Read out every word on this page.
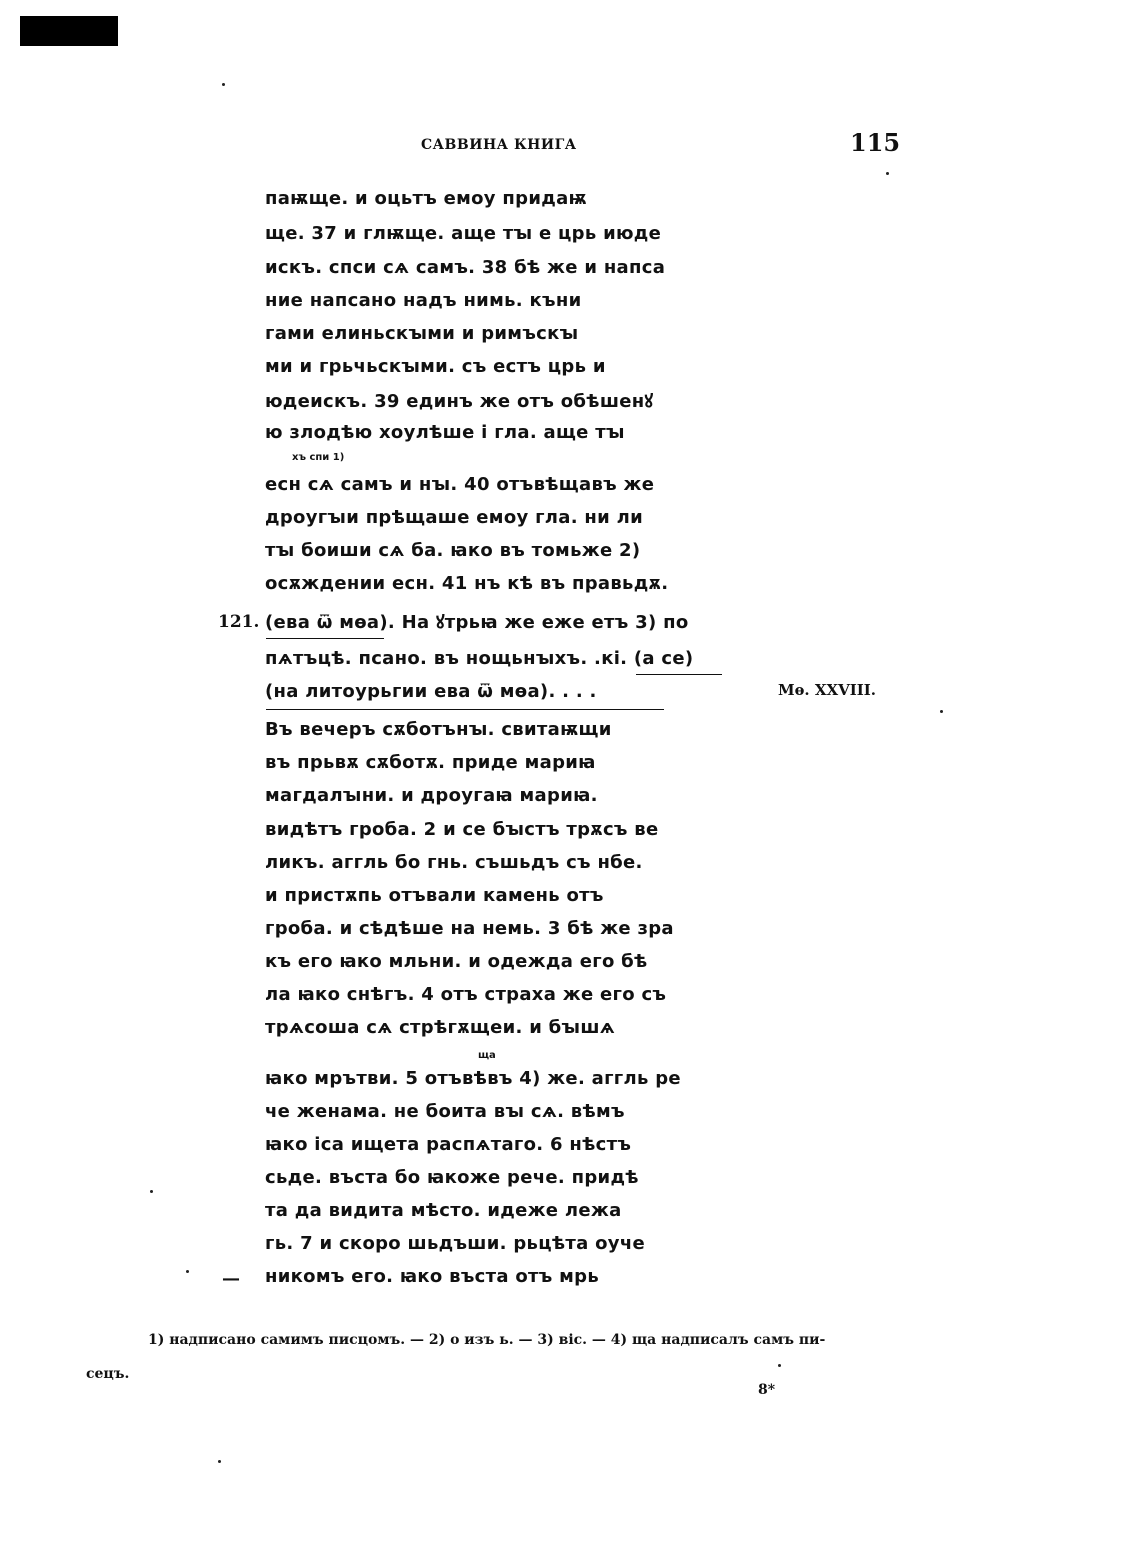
САВВИНА КНИГА	115
паѭще. и оцьтъ емоу придаѭ
ще. 37 и глѭще. аще тꙑ е црь июде
искъ. спси сѧ самъ. 38 бѣ же и напса
ние напсано надъ нимь. къни
гами елиньскꙑми и римъскꙑ
ми и грьчьскꙑми. съ естъ црь и
юдеискъ. 39 единъ же отъ обѣшенꙋ
ю злодѣю хоулѣше і гла. аще тꙑ
хъ спи 1)
есн сѧ самъ и нꙑ. 40 отъвѣщавъ же
дроугꙑи прѣщаше емоу гла. ни ли
тꙑ боиши сѧ ба. ꙗко въ томьже 2)
осѫждении есн. 41 нъ кѣ въ правьдѫ.
121. (ева ѿ мѳа). На ꙋтрьꙗ же еже етъ 3) по
пѧтъцѣ. псано. въ нощьнꙑхъ. .кі. (а се)
(на литоурьгии ева ѿ мѳа). . . .	Мѳ. XXVIII.
Въ вечеръ сѫботънꙑ. свитаѭщи
въ прьвѫ сѫботѫ. приде мариꙗ
магдалꙑни. и дроугаꙗ мариꙗ.
видѣтъ гроба. 2 и се бꙑстъ трѫсъ ве
ликъ. аггль бо гнь. съшьдъ съ нбе.
и пристѫпь отъвали камень отъ
гроба. и сѣдѣше на немь. 3 бѣ же зра
къ его ꙗко мльни. и одежда его бѣ
ла ꙗко снѣгъ. 4 отъ страха же его съ
трѧсоша сѧ стрѣгѫщеи. и бꙑшѧ
ща
ꙗко мрътви. 5 отъвѣвъ 4) же. аггль ре
че женама. не боита вꙑ сѧ. вѣмъ
ꙗко іса ищета распѧтаго. 6 нѣстъ
сьде. въста бо ꙗкоже рече. придѣ
та да видита мѣсто. идеже лежа
гь. 7 и скоро шьдъши. рьцѣта оуче
— никомъ его. ꙗко въста отъ мрь
1) надписано самимъ писцомъ. — 2) о изъ ь. — 3) віс. — 4) ща надписалъ самъ пи-
сецъ.
8*
